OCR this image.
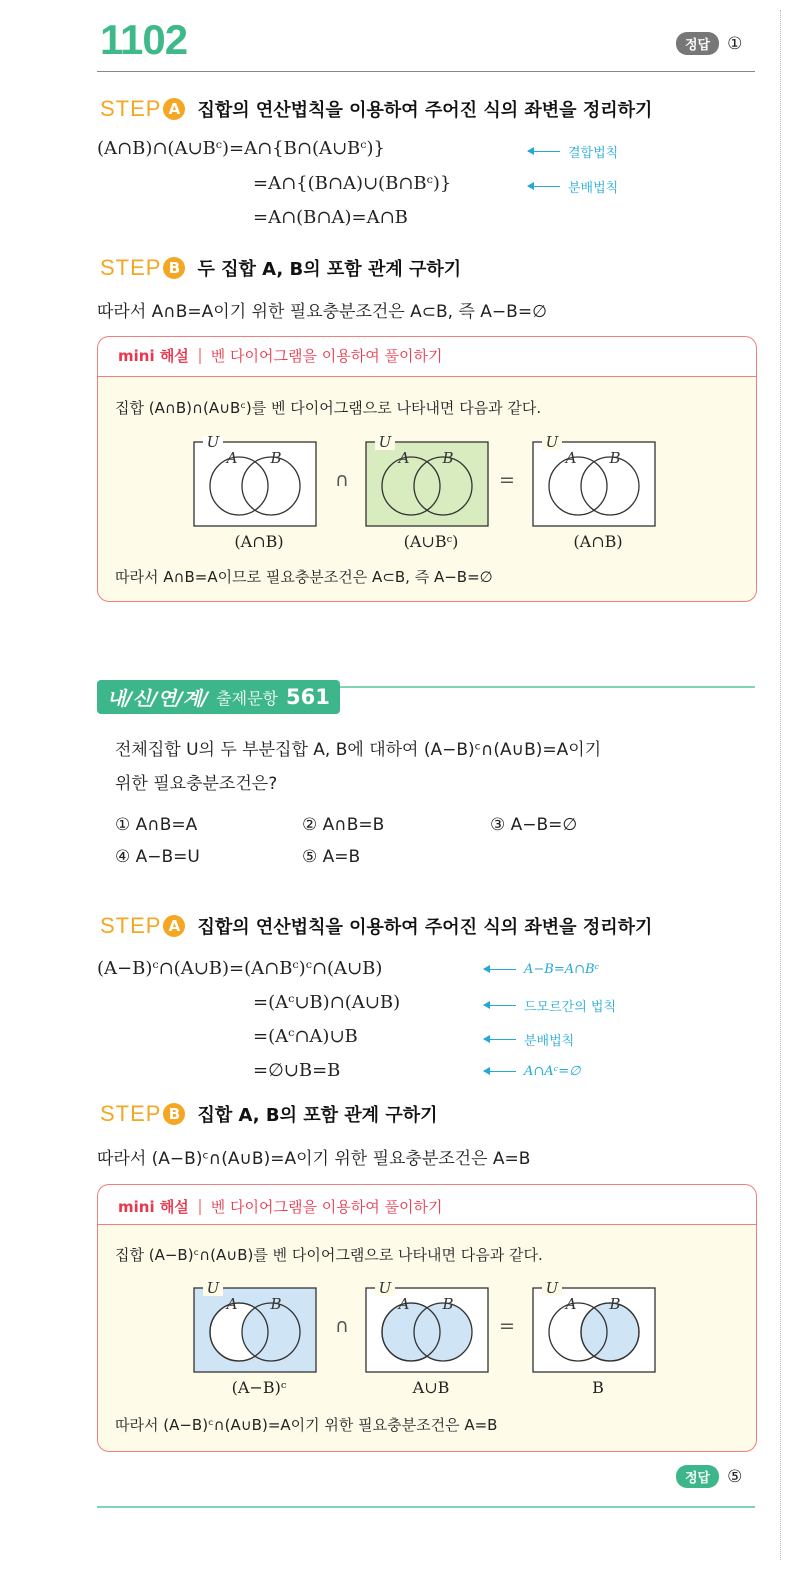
1102	정답	①
STEP A 집합의 연산법칙을 이용하여 주어진 식의 좌변을 정리하기
(A∩B)∩(A∪Bᶜ)=A∩{B∩(A∪Bᶜ)}
=A∩{(B∩A)∪(B∩Bᶜ)}
=A∩(B∩A)=A∩B
결합법칙
분배법칙
STEP B 두 집합 A, B의 포함 관계 구하기
따라서 A∩B=A이기 위한 필요충분조건은 A⊂B, 즉 A−B=∅
mini 해설 벤 다이어그램을 이용하여 풀이하기
집합 (A∩B)∩(A∪Bᶜ)를 벤 다이어그램으로 나타내면 다음과 같다.
U
A B
∩
U
A B
=
U
A B
(A∩B)	(A∪Bᶜ)	(A∩B)
따라서 A∩B=A이므로 필요충분조건은 A⊂B, 즉 A−B=∅
내/신/연/계/ 출제문항 561
전체집합 U의 두 부분집합 A, B에 대하여 (A−B)ᶜ∩(A∪B)=A이기
위한 필요충분조건은?
① A∩B=A	② A∩B=B	③ A−B=∅
④ A−B=U	⑤ A=B
STEP A 집합의 연산법칙을 이용하여 주어진 식의 좌변을 정리하기
(A−B)ᶜ∩(A∪B)=(A∩Bᶜ)ᶜ∩(A∪B)
=(Aᶜ∪B)∩(A∪B)
=(Aᶜ∩A)∪B
=∅∪B=B
A−B=A∩Bᶜ
드모르간의 법칙
분배법칙
A∩Aᶜ=∅
STEP B 집합 A, B의 포함 관계 구하기
따라서 (A−B)ᶜ∩(A∪B)=A이기 위한 필요충분조건은 A=B
mini 해설 벤 다이어그램을 이용하여 풀이하기
집합 (A−B)ᶜ∩(A∪B)를 벤 다이어그램으로 나타내면 다음과 같다.
U
A B
∩
U
A B
=
U
A B
(A−B)ᶜ	A∪B	B
따라서 (A−B)ᶜ∩(A∪B)=A이기 위한 필요충분조건은 A=B
정답	⑤
